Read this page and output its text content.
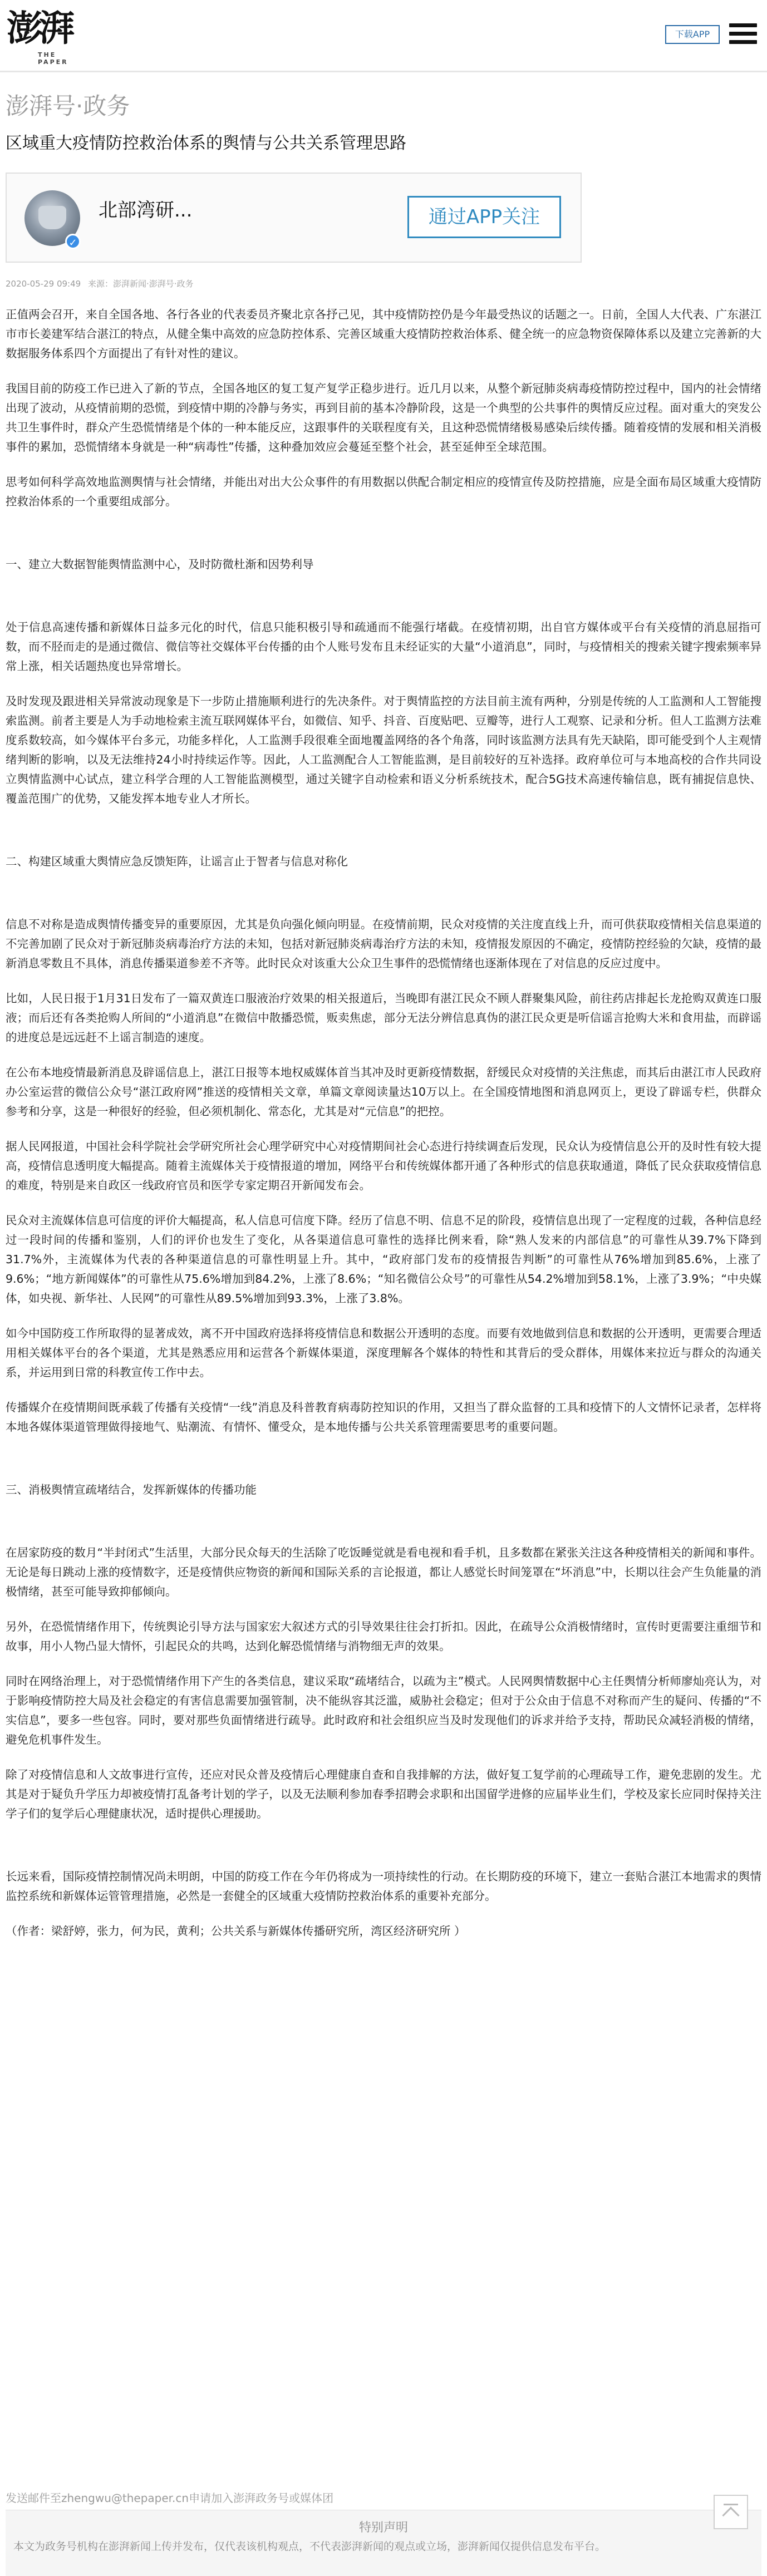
澎湃
THE PAPER
下载APP
澎湃号·政务
区域重大疫情防控救治体系的舆情与公共关系管理思路
✓
北部湾研...	通过APP关注
2020-05-29 09:49 来源：澎湃新闻·澎湃号·政务

正值两会召开，来自全国各地、各行各业的代表委员齐聚北京各抒己见，其中疫情防控仍是今年最受热议的话题之一。日前，全国人大代表、广东湛江市市长姜建军结合湛江的特点，从健全集中高效的应急防控体系、完善区域重大疫情防控救治体系、健全统一的应急物资保障体系以及建立完善新的大数据服务体系四个方面提出了有针对性的建议。

我国目前的防疫工作已进入了新的节点，全国各地区的复工复产复学正稳步进行。近几月以来，从整个新冠肺炎病毒疫情防控过程中，国内的社会情绪出现了波动，从疫情前期的恐慌，到疫情中期的冷静与务实，再到目前的基本冷静阶段，这是一个典型的公共事件的舆情反应过程。面对重大的突发公共卫生事件时，群众产生恐慌情绪是个体的一种本能反应，这跟事件的关联程度有关，且这种恐慌情绪极易感染后续传播。随着疫情的发展和相关消极事件的累加，恐慌情绪本身就是一种“病毒性”传播，这种叠加效应会蔓延至整个社会，甚至延伸至全球范围。

思考如何科学高效地监测舆情与社会情绪，并能出对出大公众事件的有用数据以供配合制定相应的疫情宣传及防控措施，应是全面布局区域重大疫情防控救治体系的一个重要组成部分。

一、建立大数据智能舆情监测中心，及时防微杜渐和因势利导

处于信息高速传播和新媒体日益多元化的时代，信息只能积极引导和疏通而不能强行堵截。在疫情初期，出自官方媒体或平台有关疫情的消息屈指可数，而不胫而走的是通过微信、微信等社交媒体平台传播的由个人账号发布且未经证实的大量“小道消息”，同时，与疫情相关的搜索关键字搜索频率异常上涨，相关话题热度也异常增长。

及时发现及跟进相关异常波动现象是下一步防止措施顺利进行的先决条件。对于舆情监控的方法目前主流有两种，分别是传统的人工监测和人工智能搜索监测。前者主要是人为手动地检索主流互联网媒体平台，如微信、知乎、抖音、百度贴吧、豆瓣等，进行人工观察、记录和分析。但人工监测方法难度系数较高，如今媒体平台多元，功能多样化，人工监测手段很难全面地覆盖网络的各个角落，同时该监测方法具有先天缺陷，即可能受到个人主观情绪判断的影响，以及无法维持24小时持续运作等。因此，人工监测配合人工智能监测，是目前较好的互补选择。政府单位可与本地高校的合作共同设立舆情监测中心试点，建立科学合理的人工智能监测模型，通过关键字自动检索和语义分析系统技术，配合5G技术高速传输信息，既有捕捉信息快、覆盖范围广的优势，又能发挥本地专业人才所长。

二、构建区域重大舆情应急反馈矩阵，让谣言止于智者与信息对称化

信息不对称是造成舆情传播变异的重要原因，尤其是负向强化倾向明显。在疫情前期，民众对疫情的关注度直线上升，而可供获取疫情相关信息渠道的不完善加剧了民众对于新冠肺炎病毒治疗方法的未知，包括对新冠肺炎病毒治疗方法的未知，疫情报发原因的不确定，疫情防控经验的欠缺，疫情的最新消息零数且不具体，消息传播渠道参差不齐等。此时民众对该重大公众卫生事件的恐慌情绪也逐渐体现在了对信息的反应过度中。

比如，人民日报于1月31日发布了一篇双黄连口服液治疗效果的相关报道后，当晚即有湛江民众不顾人群聚集风险，前往药店排起长龙抢购双黄连口服液；而后还有各类抢购人所间的“小道消息”在微信中散播恐慌，贩卖焦虑，部分无法分辨信息真伪的湛江民众更是听信谣言抢购大米和食用盐，而辟谣的进度总是远远赶不上谣言制造的速度。

在公布本地疫情最新消息及辟谣信息上，湛江日报等本地权威媒体首当其冲及时更新疫情数据，舒缓民众对疫情的关注焦虑，而其后由湛江市人民政府办公室运营的微信公众号“湛江政府网”推送的疫情相关文章，单篇文章阅读量达10万以上。在全国疫情地图和消息网页上，更设了辟谣专栏，供群众参考和分享，这是一种很好的经验，但必须机制化、常态化，尤其是对“元信息”的把控。

据人民网报道，中国社会科学院社会学研究所社会心理学研究中心对疫情期间社会心态进行持续调查后发现，民众认为疫情信息公开的及时性有较大提高，疫情信息透明度大幅提高。随着主流媒体关于疫情报道的增加，网络平台和传统媒体都开通了各种形式的信息获取通道，降低了民众获取疫情信息的难度，特别是来自政区一线政府官员和医学专家定期召开新闻发布会。

民众对主流媒体信息可信度的评价大幅提高，私人信息可信度下降。经历了信息不明、信息不足的阶段，疫情信息出现了一定程度的过载，各种信息经过一段时间的传播和鉴别，人们的评价也发生了变化，从各渠道信息可靠性的选择比例来看，除“熟人发来的内部信息”的可靠性从39.7%下降到31.7%外，主流媒体为代表的各种渠道信息的可靠性明显上升。其中，“政府部门发布的疫情报告判断”的可靠性从76%增加到85.6%，上涨了9.6%；“地方新闻媒体”的可靠性从75.6%增加到84.2%，上涨了8.6%；“知名微信公众号”的可靠性从54.2%增加到58.1%，上涨了3.9%；“中央媒体，如央视、新华社、人民网”的可靠性从89.5%增加到93.3%，上涨了3.8%。

如今中国防疫工作所取得的显著成效，离不开中国政府选择将疫情信息和数据公开透明的态度。而要有效地做到信息和数据的公开透明，更需要合理适用相关媒体平台的各个渠道，尤其是熟悉应用和运营各个新媒体渠道，深度理解各个媒体的特性和其背后的受众群体，用媒体来拉近与群众的沟通关系，并运用到日常的科教宣传工作中去。

传播媒介在疫情期间既承载了传播有关疫情“一线”消息及科普教育病毒防控知识的作用，又担当了群众监督的工具和疫情下的人文情怀记录者，怎样将本地各媒体渠道管理做得接地气、贴潮流、有情怀、懂受众，是本地传播与公共关系管理需要思考的重要问题。

三、消极舆情宣疏堵结合，发挥新媒体的传播功能

在居家防疫的数月“半封闭式”生活里，大部分民众每天的生活除了吃饭睡觉就是看电视和看手机，且多数都在紧张关注这各种疫情相关的新闻和事件。无论是每日跳动上涨的疫情数字，还是疫情供应物资的新闻和国际关系的言论报道，都让人感觉长时间笼罩在“坏消息”中，长期以往会产生负能量的消极情绪，甚至可能导致抑郁倾向。

另外，在恐慌情绪作用下，传统舆论引导方法与国家宏大叙述方式的引导效果往往会打折扣。因此，在疏导公众消极情绪时，宣传时更需要注重细节和故事，用小人物凸显大情怀，引起民众的共鸣，达到化解恐慌情绪与消物细无声的效果。

同时在网络治理上，对于恐慌情绪作用下产生的各类信息，建议采取“疏堵结合，以疏为主”模式。人民网舆情数据中心主任舆情分析师廖灿亮认为，对于影响疫情防控大局及社会稳定的有害信息需要加强管制，决不能纵容其泛滥，威胁社会稳定；但对于公众由于信息不对称而产生的疑问、传播的“不实信息”，要多一些包容。同时，要对那些负面情绪进行疏导。此时政府和社会组织应当及时发现他们的诉求并给予支持，帮助民众减轻消极的情绪，避免危机事件发生。

除了对疫情信息和人文故事进行宣传，还应对民众普及疫情后心理健康自查和自我排解的方法，做好复工复学前的心理疏导工作，避免悲剧的发生。尤其是对于疑负升学压力却被疫情打乱备考计划的学子，以及无法顺利参加春季招聘会求职和出国留学进修的应届毕业生们，学校及家长应同时保持关注学子们的复学后心理健康状况，适时提供心理援助。

长远来看，国际疫情控制情况尚未明朗，中国的防疫工作在今年仍将成为一项持续性的行动。在长期防疫的环境下，建立一套贴合湛江本地需求的舆情监控系统和新媒体运管管理措施，必然是一套健全的区域重大疫情防控救治体系的重要补充部分。

（作者：梁舒婷，张力，何为民，黄利；公共关系与新媒体传播研究所，湾区经济研究所 ）

发送邮件至zhengwu@thepaper.cn申请加入澎湃政务号或媒体团
特别声明
本文为政务号机构在澎湃新闻上传并发布，仅代表该机构观点，不代表澎湃新闻的观点或立场，澎湃新闻仅提供信息发布平台。
